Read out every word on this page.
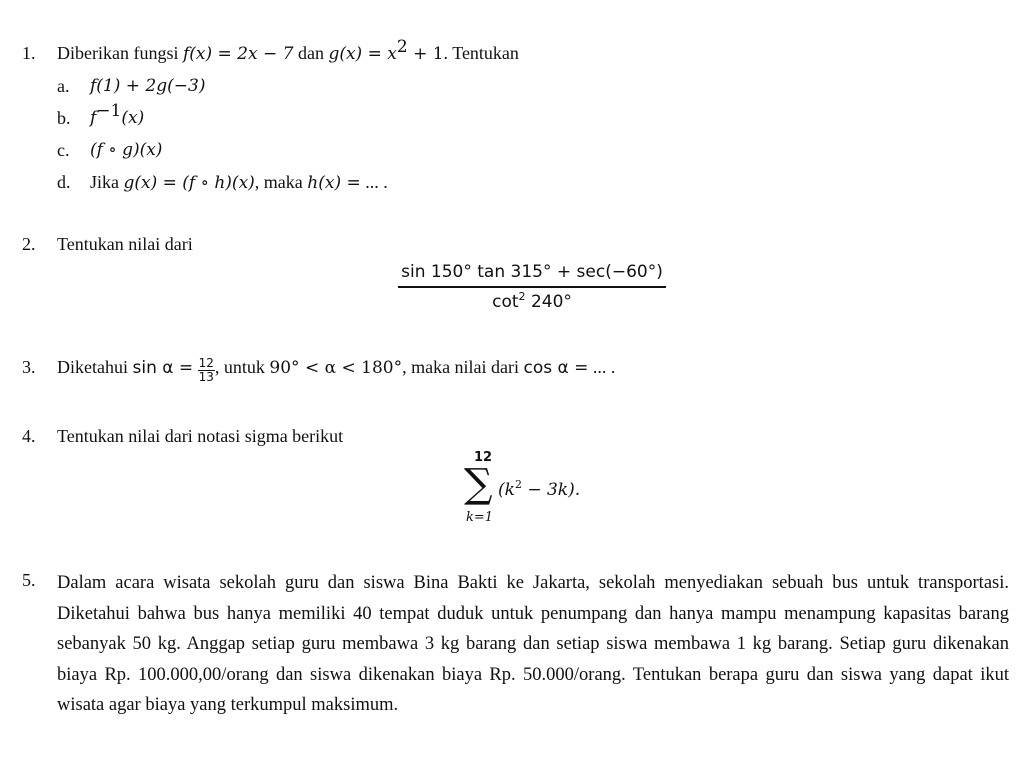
1. Diberikan fungsi f(x) = 2x − 7 dan $g(x) = x^2 + 1$. Tentukan
a. f(1) + 2g(−3)
b. $f^{-1}(x)$
c. (f ∘ g)(x)
d. Jika g(x) = (f ∘ h)(x), maka h(x) = ... .
2. Tentukan nilai dari
sin 150° tan 315° + sec(−60°)
$\cot^2 240^\circ$
3. Diketahui $\sin \alpha = \frac{12}{13}$ , untuk 90° < α < 180°, maka nilai dari cos α = ... .
4. Tentukan nilai dari notasi sigma berikut
12
∑
k=1
$(k^2 - 3k)$.
5. Dalam acara wisata sekolah guru dan siswa Bina Bakti ke Jakarta, sekolah menyediakan sebuah bus untuk transportasi. Diketahui bahwa bus hanya memiliki 40 tempat duduk untuk penumpang dan hanya mampu menampung kapasitas barang sebanyak 50 kg. Anggap setiap guru membawa 3 kg barang dan setiap siswa membawa 1 kg barang. Setiap guru dikenakan biaya Rp. 100.000,00/orang dan siswa dikenakan biaya Rp. 50.000/orang. Tentukan berapa guru dan siswa yang dapat ikut wisata agar biaya yang terkumpul maksimum.
